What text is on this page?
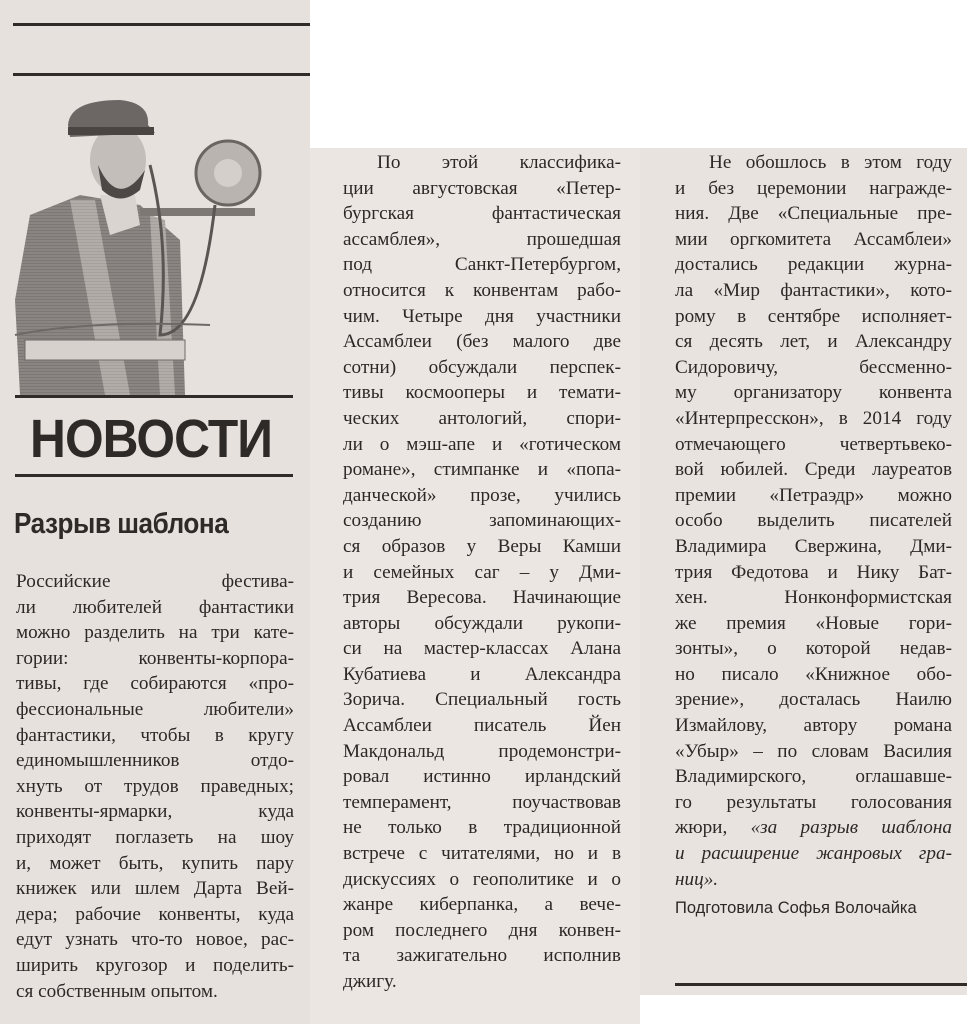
НОВОСТИ
Разрыв шаблона

Российские фестива-

ли любителей фантастики

можно разделить на три кате-

гории: конвенты-корпора-

тивы, где собираются «про-

фессиональные любители»

фантастики, чтобы в кругу

единомышленников отдо-

хнуть от трудов праведных;

конвенты-ярмарки, куда

приходят поглазеть на шоу

и, может быть, купить пару

книжек или шлем Дарта Вей-

дера; рабочие конвенты, куда

едут узнать что-то новое, рас-

ширить кругозор и поделить-

ся собственным опытом.

По этой классифика-

ции августовская «Петер-

бургская фантастическая

ассамблея», прошедшая

под Санкт-Петербургом,

относится к конвентам рабо-

чим. Четыре дня участники

Ассамблеи (без малого две

сотни) обсуждали перспек-

тивы космооперы и темати-

ческих антологий, спори-

ли о мэш-апе и «готическом

романе», стимпанке и «попа-

данческой» прозе, учились

созданию запоминающих-

ся образов у Веры Камши

и семейных саг – у Дми-

трия Вересова. Начинающие

авторы обсуждали рукопи-

си на мастер-классах Алана

Кубатиева и Александра

Зорича. Специальный гость

Ассамблеи писатель Йен

Макдональд продемонстри-

ровал истинно ирландский

темперамент, поучаствовав

не только в традиционной

встрече с читателями, но и в

дискуссиях о геополитике и о

жанре киберпанка, а вече-

ром последнего дня конвен-

та зажигательно исполнив

джигу.

Не обошлось в этом году

и без церемонии награжде-

ния. Две «Специальные пре-

мии оргкомитета Ассамблеи»

достались редакции журна-

ла «Мир фантастики», кото-

рому в сентябре исполняет-

ся десять лет, и Александру

Сидоровичу, бессменно-

му организатору конвента

«Интерпресскон», в 2014 году

отмечающего четвертьвеко-

вой юбилей. Среди лауреатов

премии «Петраэдр» можно

особо выделить писателей

Владимира Свержина, Дми-

трия Федотова и Нику Бат-

хен. Нонконформистская

же премия «Новые гори-

зонты», о которой недав-

но писало «Книжное обо-

зрение», досталась Наилю

Измайлову, автору романа

«Убыр» – по словам Василия

Владимирского, оглашавше-

го результаты голосования

жюри, «за разрыв шаблона

и расширение жанровых гра-

ниц».

Подготовила Софья Волочайка
